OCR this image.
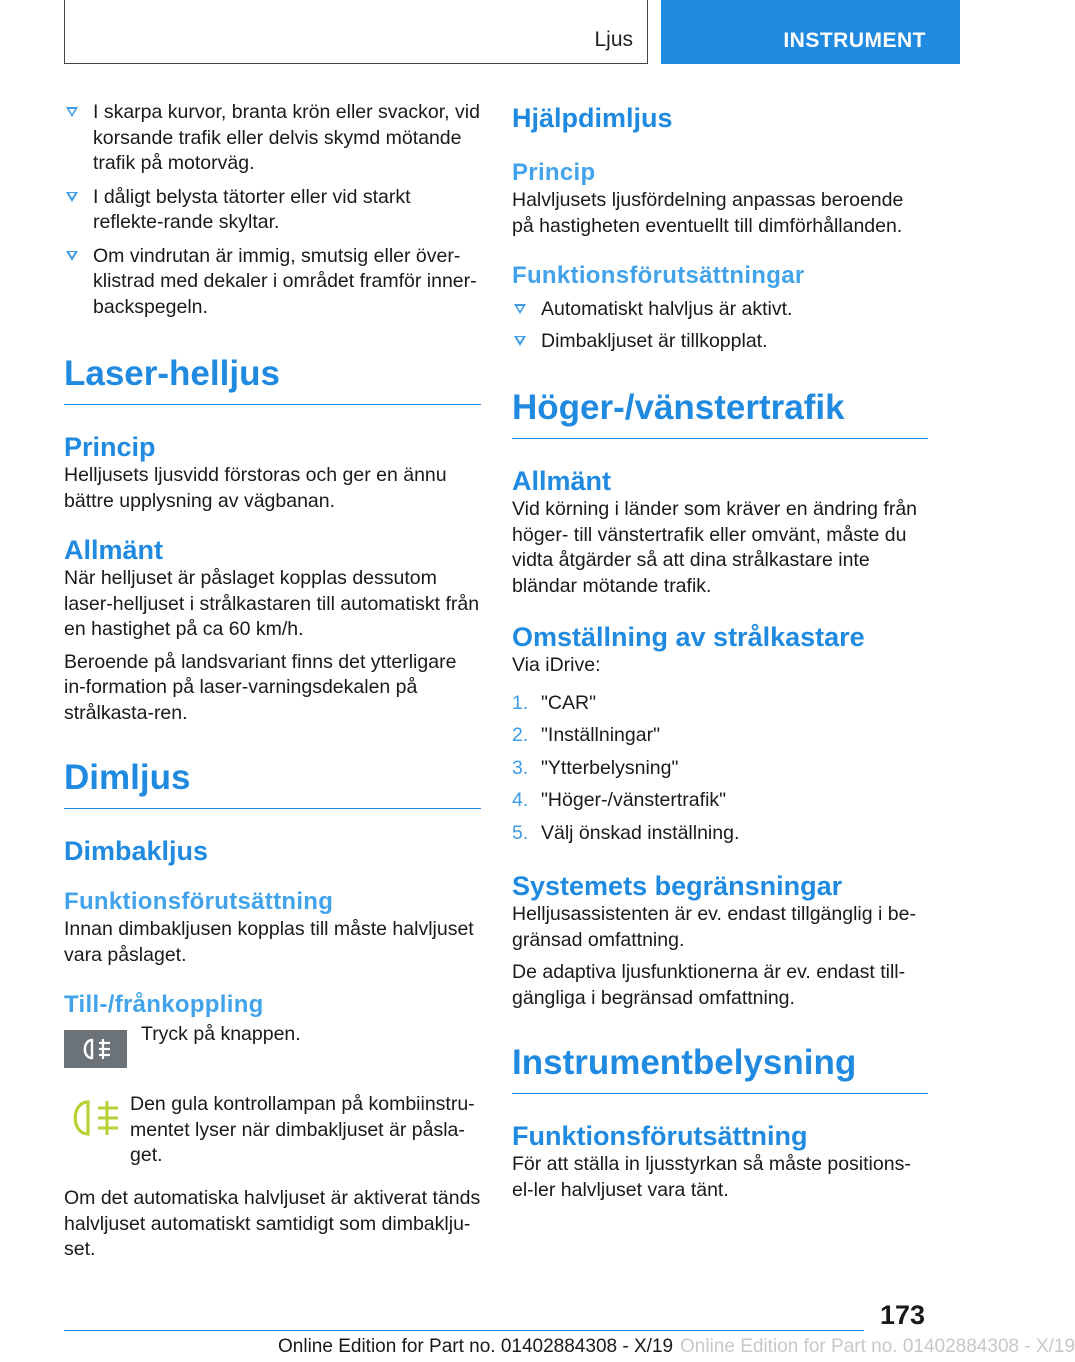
Ljus	INSTRUMENT
I skarpa kurvor, branta krön eller svackor, vid korsande trafik eller delvis skymd mötande trafik på motorväg.
I dåligt belysta tätorter eller vid starkt reflekte-rande skyltar.
Om vindrutan är immig, smutsig eller över-klistrad med dekaler i området framför inner-backspegeln.
Laser-helljus
Princip

Helljusets ljusvidd förstoras och ger en ännu bättre upplysning av vägbanan.

Allmänt

När helljuset är påslaget kopplas dessutom laser-helljuset i strålkastaren till automatiskt från en hastighet på ca 60 km/h.

Beroende på landsvariant finns det ytterligare in-formation på laser-varningsdekalen på strålkasta-ren.

Dimljus
Dimbakljus
Funktionsförutsättning

Innan dimbakljusen kopplas till måste halvljuset vara påslaget.

Till-/frånkoppling

Tryck på knappen.

Den gula kontrollampan på kombiinstru-mentet lyser när dimbakljuset är påsla-get.

Om det automatiska halvljuset är aktiverat tänds halvljuset automatiskt samtidigt som dimbaklju-set.

Hjälpdimljus
Princip

Halvljusets ljusfördelning anpassas beroende på hastigheten eventuellt till dimförhållanden.

Funktionsförutsättningar
Automatiskt halvljus är aktivt.
Dimbakljuset är tillkopplat.
Höger-/vänstertrafik
Allmänt

Vid körning i länder som kräver en ändring från höger- till vänstertrafik eller omvänt, måste du vidta åtgärder så att dina strålkastare inte bländar mötande trafik.

Omställning av strålkastare

Via iDrive:

1. "CAR"
2. "Inställningar"
3. "Ytterbelysning"
4. "Höger-/vänstertrafik"
5. Välj önskad inställning.
Systemets begränsningar

Helljusassistenten är ev. endast tillgänglig i be-gränsad omfattning.

De adaptiva ljusfunktionerna är ev. endast till-gängliga i begränsad omfattning.

Instrumentbelysning
Funktionsförutsättning

För att ställa in ljusstyrkan så måste positions- el-ler halvljuset vara tänt.

173
Online Edition for Part no. 01402884308 - X/19
Online Edition for Part no. 01402884308 - X/19
